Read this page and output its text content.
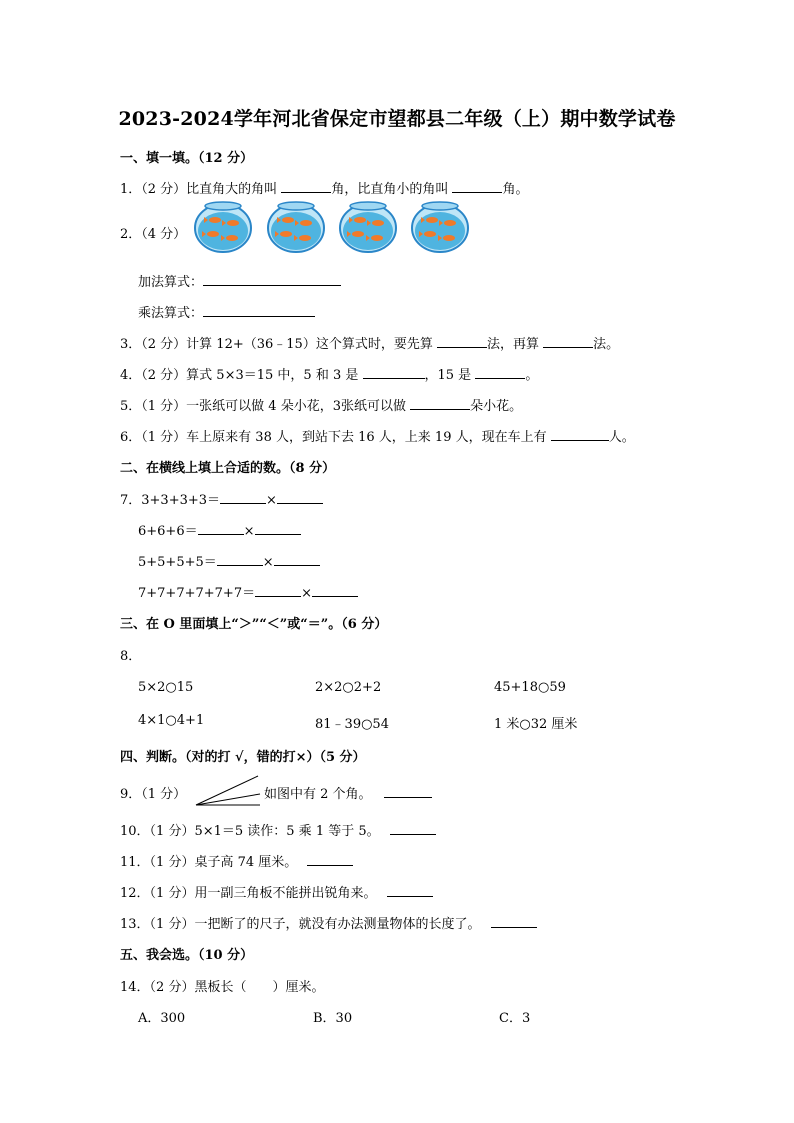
2023-2024学年河北省保定市望都县二年级（上）期中数学试卷
一、填一填。（12 分）
1．（2 分）比直角大的角叫	角，比直角小的角叫	角。
2．（4 分）
加法算式：
乘法算式：
3．（2 分）计算 12+（36﹣15）这个算式时，要先算	法，再算	法。
4．（2 分）算式 5×3＝15 中，5 和 3 是	，15 是	。
5．（1 分）一张纸可以做 4 朵小花，3张纸可以做	朵小花。
6．（1 分）车上原来有 38 人，到站下去 16 人，上来 19 人，现在车上有	人。
二、在横线上填上合适的数。（8 分）
7．3+3+3+3＝	×
6+6+6＝	×
5+5+5+5＝	×
7+7+7+7+7+7＝	×
三、在 O 里面填上“＞”“＜”或“＝”。（6 分）
8．
5×2○15	2×2○2+2	45+18○59
4×1○4+1	81﹣39○54	1 米○32 厘米
四、判断。（对的打 √，错的打×）（5 分）
9．（1 分）	如图中有 2 个角。
10．（1 分）5×1＝5 读作：5 乘 1 等于 5。
11．（1 分）桌子高 74 厘米。
12．（1 分）用一副三角板不能拼出锐角来。
13．（1 分）一把断了的尺子，就没有办法测量物体的长度了。
五、我会选。（10 分）
14．（2 分）黑板长（　　）厘米。
A．300	B．30	C．3
